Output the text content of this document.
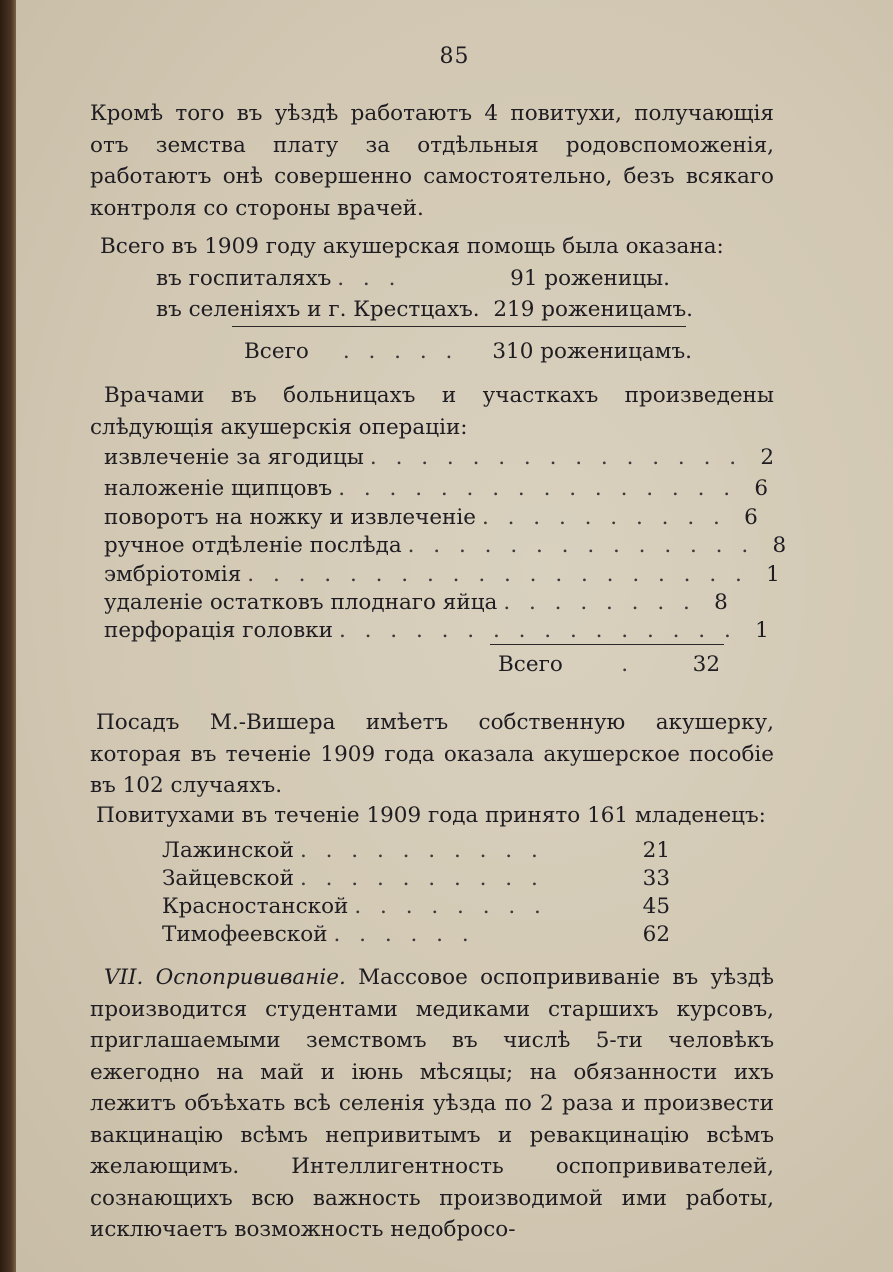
85

Кромѣ того въ уѣздѣ работаютъ 4 повитухи, получающія отъ земства плату за отдѣльныя родовспоможенія, работаютъ онѣ совершенно самостоятельно, безъ всякаго контроля со стороны врачей.

Всего въ 1909 году акушерская помощь была оказана:
въ госпиталяхъ . . .	91 роженицы.
въ селеніяхъ и г. Крестцахъ. 219 роженицамъ.
Всего	. . . . .	310 роженицамъ.

Врачами въ больницахъ и участкахъ произведены слѣдующія акушерскія операціи:

извлеченіе за ягодицы . . . . . . . . . . . . . . . 2
наложеніе щипцовъ . . . . . . . . . . . . . . . . 6
поворотъ на ножку и извлеченіе . . . . . . . . . . 6
ручное отдѣленіе послѣда . . . . . . . . . . . . . . 8
эмбріотомія . . . . . . . . . . . . . . . . . . . . 1
удаленіе остатковъ плоднаго яйца . . . . . . . . 8
перфорація головки . . . . . . . . . . . . . . . . 1
Всего	.	32

Посадъ М.-Вишера имѣетъ собственную акушерку, которая въ теченіе 1909 года оказала акушерское пособіе въ 102 случаяхъ.

Повитухами въ теченіе 1909 года принято 161 младенецъ:
Лажинской . . . . . . . . . .	21
Зайцевской . . . . . . . . . .	33
Красностанской . . . . . . . .	45
Тимофеевской . . . . . .	62

VII. Оспопрививаніе. Массовое оспопрививаніе въ уѣздѣ производится студентами медиками старшихъ курсовъ, приглашаемыми земствомъ въ числѣ 5-ти человѣкъ ежегодно на май и іюнь мѣсяцы; на обязанности ихъ лежитъ объѣхать всѣ селенія уѣзда по 2 раза и произвести вакцинацію всѣмъ непривитымъ и ревакцинацію всѣмъ желающимъ. Интеллигентность оспопрививателей, сознающихъ всю важность производимой ими работы, исключаетъ возможность недобросо-
